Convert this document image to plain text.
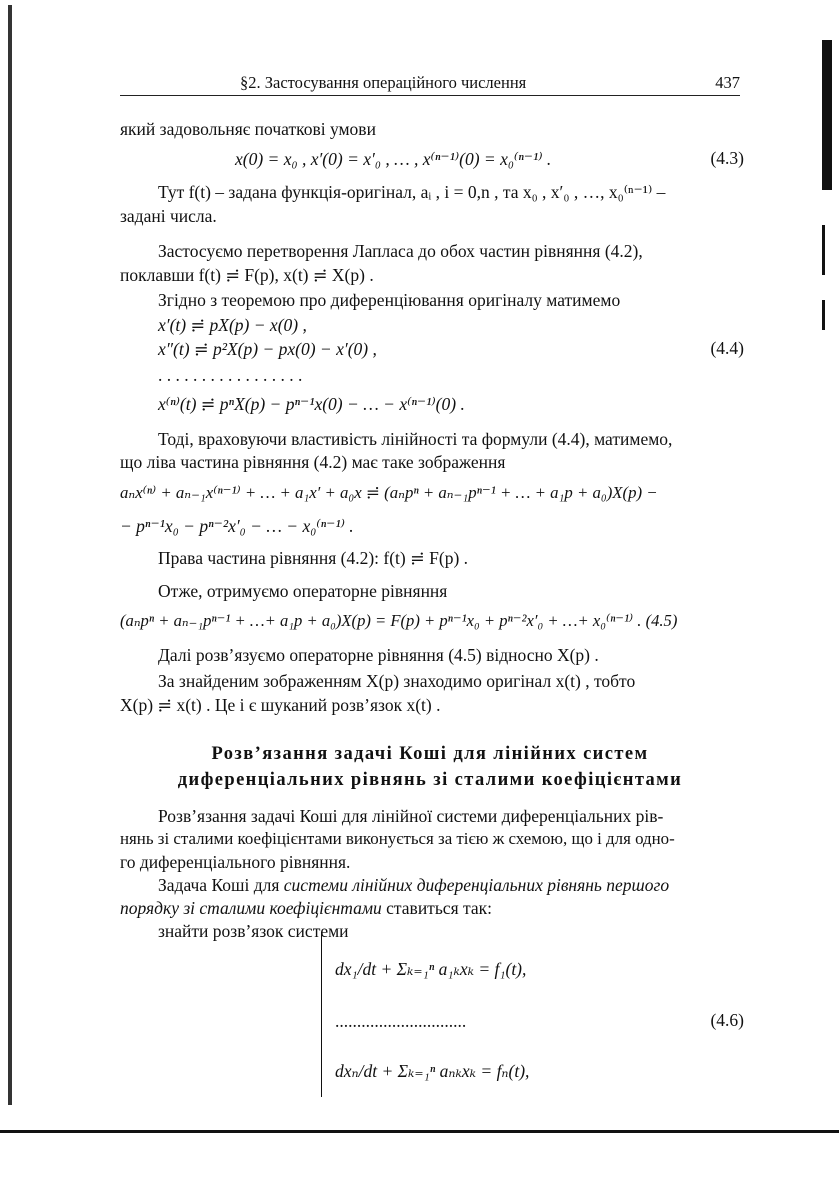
§2. Застосування операційного числення	437
який задовольняє початкові умови
x(0) = x₀ , x′(0) = x′₀ , … , x⁽ⁿ⁻¹⁾(0) = x₀⁽ⁿ⁻¹⁾ .	(4.3)
Тут f(t) – задана функція-оригінал, aᵢ , i = 0,n , та x₀ , x′₀ , …, x₀⁽ⁿ⁻¹⁾ –
задані числа.
Застосуємо перетворення Лапласа до обох частин рівняння (4.2),
поклавши f(t) ≓ F(p), x(t) ≓ X(p) .
Згідно з теоремою про диференціювання оригіналу матимемо
x′(t) ≓ pX(p) − x(0) ,
x″(t) ≓ p²X(p) − px(0) − x′(0) ,	(4.4)
. . . . . . . . . . . . . . . . .
x⁽ⁿ⁾(t) ≓ pⁿX(p) − pⁿ⁻¹x(0) − … − x⁽ⁿ⁻¹⁾(0) .
Тоді, враховуючи властивість лінійності та формули (4.4), матимемо,
що ліва частина рівняння (4.2) має таке зображення
aₙx⁽ⁿ⁾ + aₙ₋₁x⁽ⁿ⁻¹⁾ + … + a₁x′ + a₀x ≓ (aₙpⁿ + aₙ₋₁pⁿ⁻¹ + … + a₁p + a₀)X(p) −
− pⁿ⁻¹x₀ − pⁿ⁻²x′₀ − … − x₀⁽ⁿ⁻¹⁾ .
Права частина рівняння (4.2): f(t) ≓ F(p) .
Отже, отримуємо операторне рівняння
(aₙpⁿ + aₙ₋₁pⁿ⁻¹ + …+ a₁p + a₀)X(p) = F(p) + pⁿ⁻¹x₀ + pⁿ⁻²x′₀ + …+ x₀⁽ⁿ⁻¹⁾ . (4.5)
Далі розв’язуємо операторне рівняння (4.5) відносно X(p) .
За знайденим зображенням X(p) знаходимо оригінал x(t) , тобто
X(p) ≓ x(t) . Це і є шуканий розв’язок x(t) .
Розв’язання задачі Коші для лінійних систем
диференціальних рівнянь зі сталими коефіцієнтами
Розв’язання задачі Коші для лінійної системи диференціальних рів-
нянь зі сталими коефіцієнтами виконується за тією ж схемою, що і для одно-
го диференціального рівняння.
Задача Коші для системи лінійних диференціальних рівнянь першого
порядку зі сталими коефіцієнтами ставиться так:
знайти розв’язок системи
dx₁/dt + Σₖ₌₁ⁿ a₁ₖxₖ = f₁(t),
..............................	(4.6)
dxₙ/dt + Σₖ₌₁ⁿ aₙₖxₖ = fₙ(t),
